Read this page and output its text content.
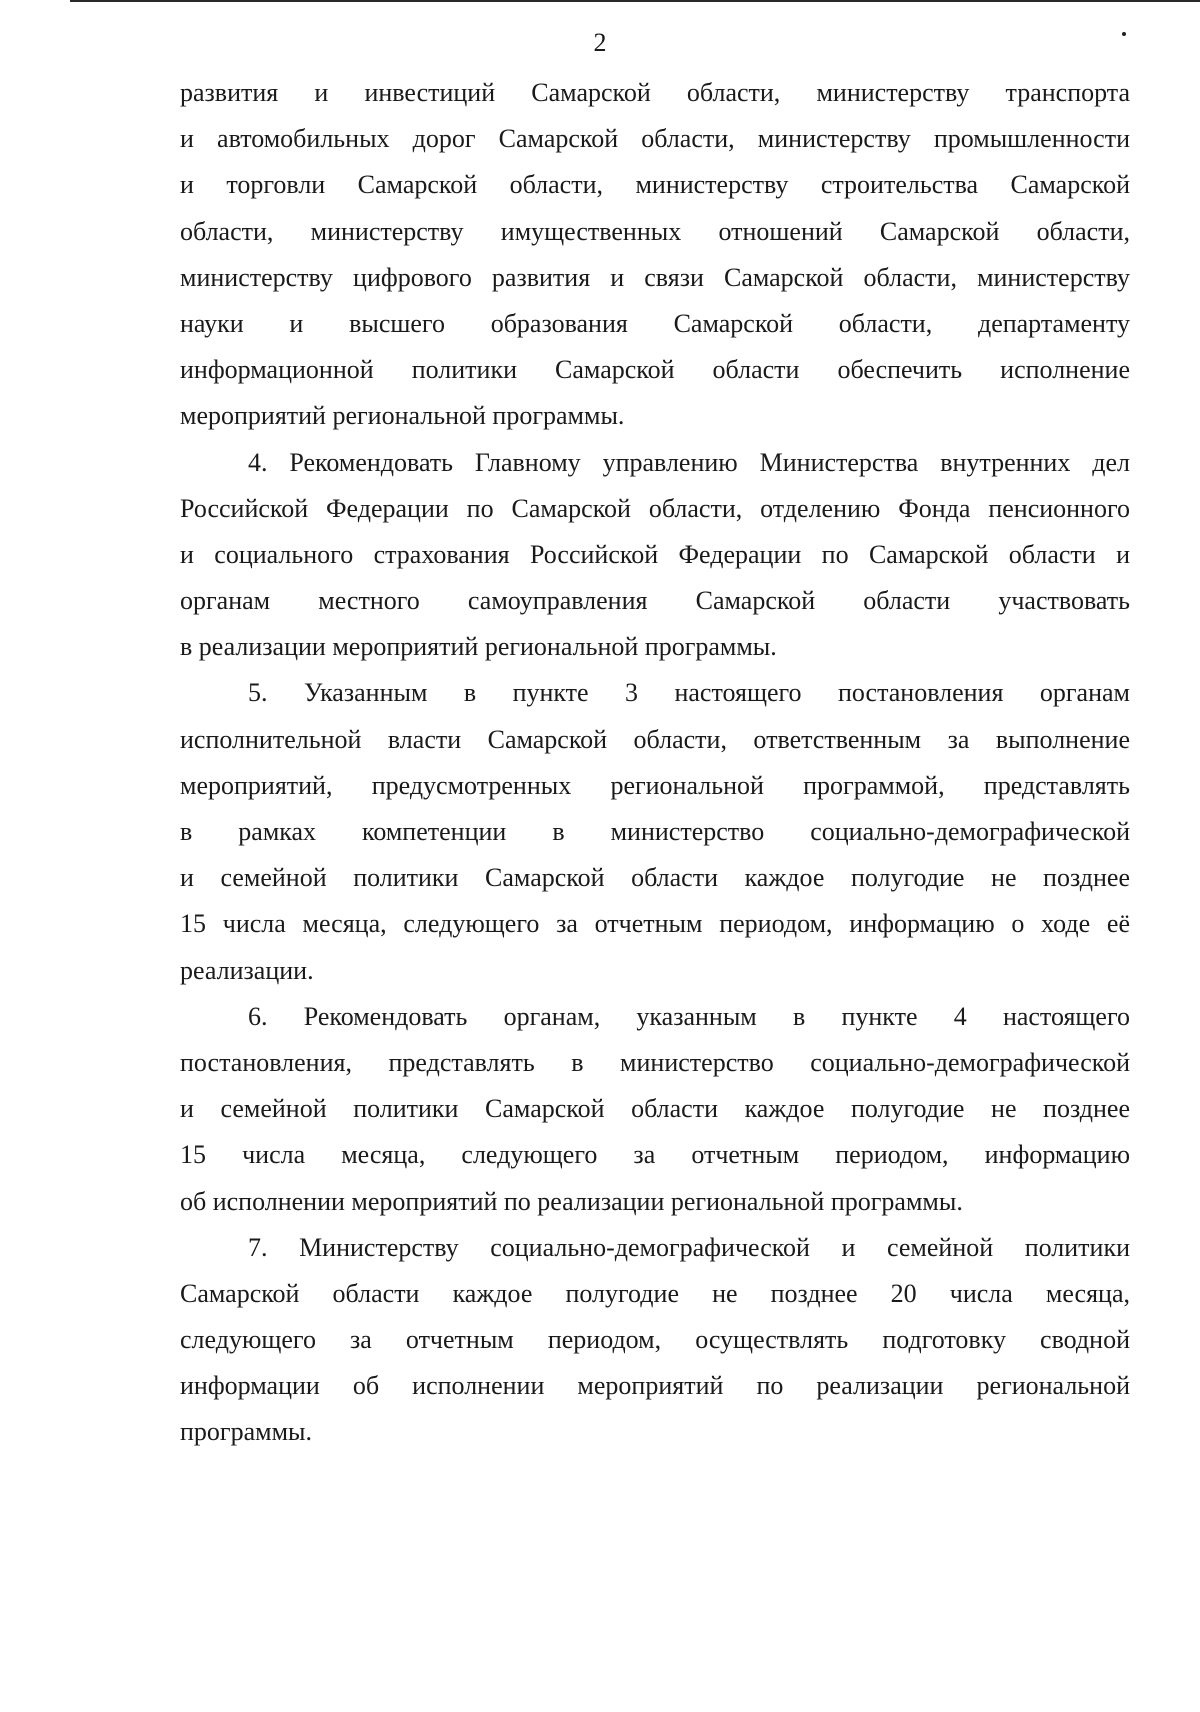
2
развития и инвестиций Самарской области, министерству транспорта
и автомобильных дорог Самарской области, министерству промышленности
и торговли Самарской области, министерству строительства Самарской
области, министерству имущественных отношений Самарской области,
министерству цифрового развития и связи Самарской области, министерству
науки и высшего образования Самарской области, департаменту
информационной политики Самарской области обеспечить исполнение
мероприятий региональной программы.
4. Рекомендовать Главному управлению Министерства внутренних дел
Российской Федерации по Самарской области, отделению Фонда пенсионного
и социального страхования Российской Федерации по Самарской области и
органам местного самоуправления Самарской области участвовать
в реализации мероприятий региональной программы.
5. Указанным в пункте 3 настоящего постановления органам
исполнительной власти Самарской области, ответственным за выполнение
мероприятий, предусмотренных региональной программой, представлять
в рамках компетенции в министерство социально-демографической
и семейной политики Самарской области каждое полугодие не позднее
15 числа месяца, следующего за отчетным периодом, информацию о ходе её
реализации.
6. Рекомендовать органам, указанным в пункте 4 настоящего
постановления, представлять в министерство социально-демографической
и семейной политики Самарской области каждое полугодие не позднее
15 числа месяца, следующего за отчетным периодом, информацию
об исполнении мероприятий по реализации региональной программы.
7. Министерству социально-демографической и семейной политики
Самарской области каждое полугодие не позднее 20 числа месяца,
следующего за отчетным периодом, осуществлять подготовку сводной
информации об исполнении мероприятий по реализации региональной
программы.
